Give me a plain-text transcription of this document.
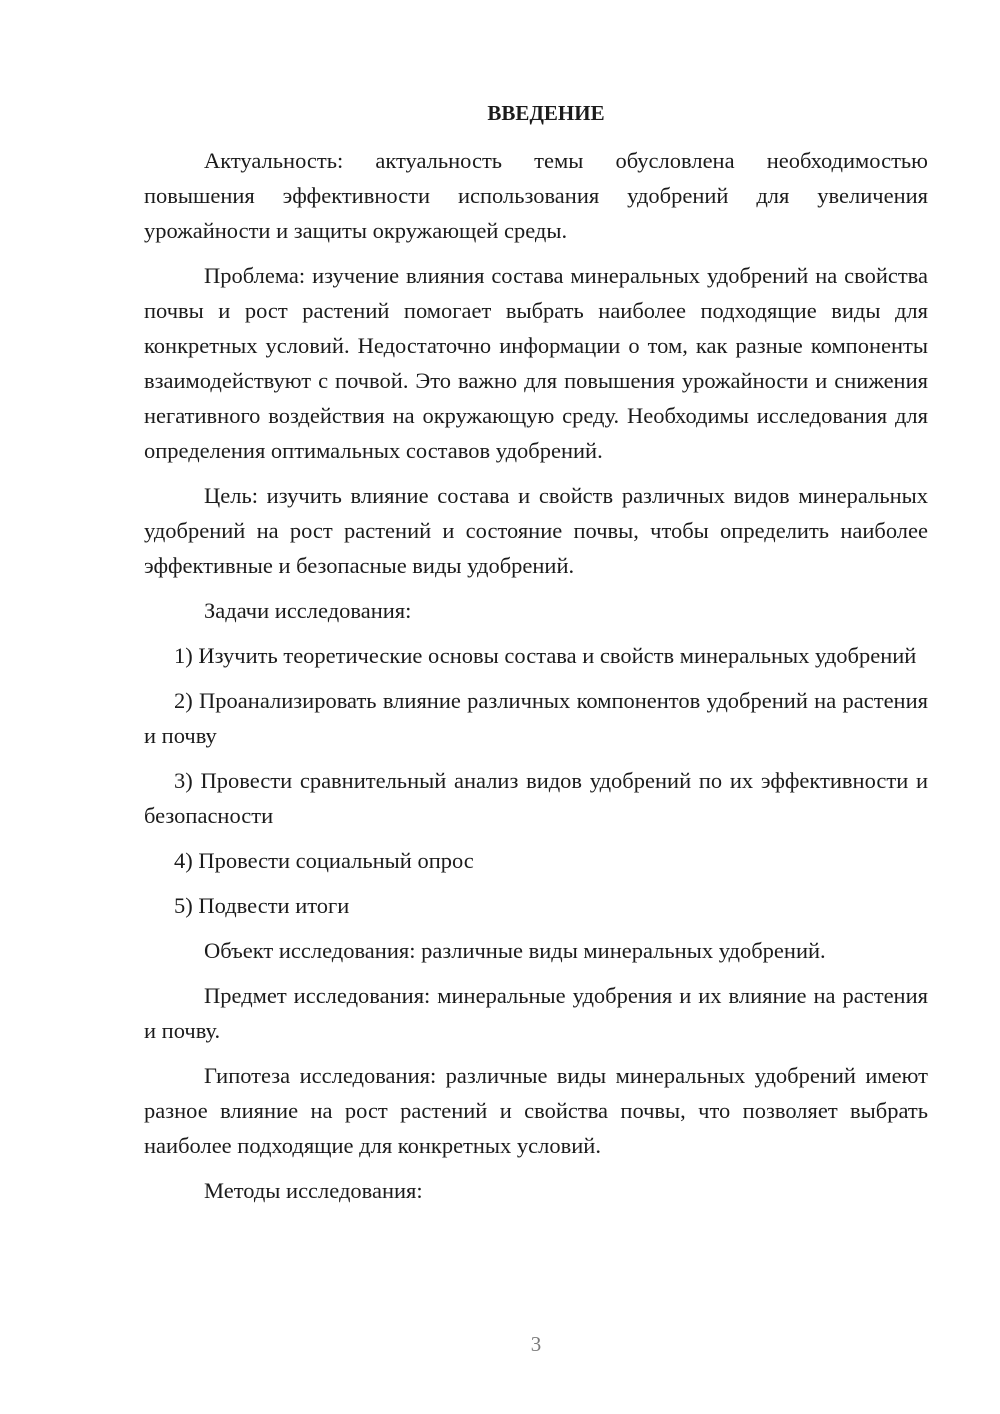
ВВЕДЕНИЕ

Актуальность: актуальность темы обусловлена необходимостью повышения эффективности использования удобрений для увеличения урожайности и защиты окружающей среды.

Проблема: изучение влияния состава минеральных удобрений на свойства почвы и рост растений помогает выбрать наиболее подходящие виды для конкретных условий. Недостаточно информации о том, как разные компоненты взаимодействуют с почвой. Это важно для повышения урожайности и снижения негативного воздействия на окружающую среду. Необходимы исследования для определения оптимальных составов удобрений.

Цель: изучить влияние состава и свойств различных видов минеральных удобрений на рост растений и состояние почвы, чтобы определить наиболее эффективные и безопасные виды удобрений.

Задачи исследования:

1) Изучить теоретические основы состава и свойств минеральных удобрений

2) Проанализировать влияние различных компонентов удобрений на растения и почву

3) Провести сравнительный анализ видов удобрений по их эффективности и безопасности

4) Провести социальный опрос

5) Подвести итоги

Объект исследования: различные виды минеральных удобрений.

Предмет исследования: минеральные удобрения и их влияние на растения и почву.

Гипотеза исследования: различные виды минеральных удобрений имеют разное влияние на рост растений и свойства почвы, что позволяет выбрать наиболее подходящие для конкретных условий.

Методы исследования:

3
